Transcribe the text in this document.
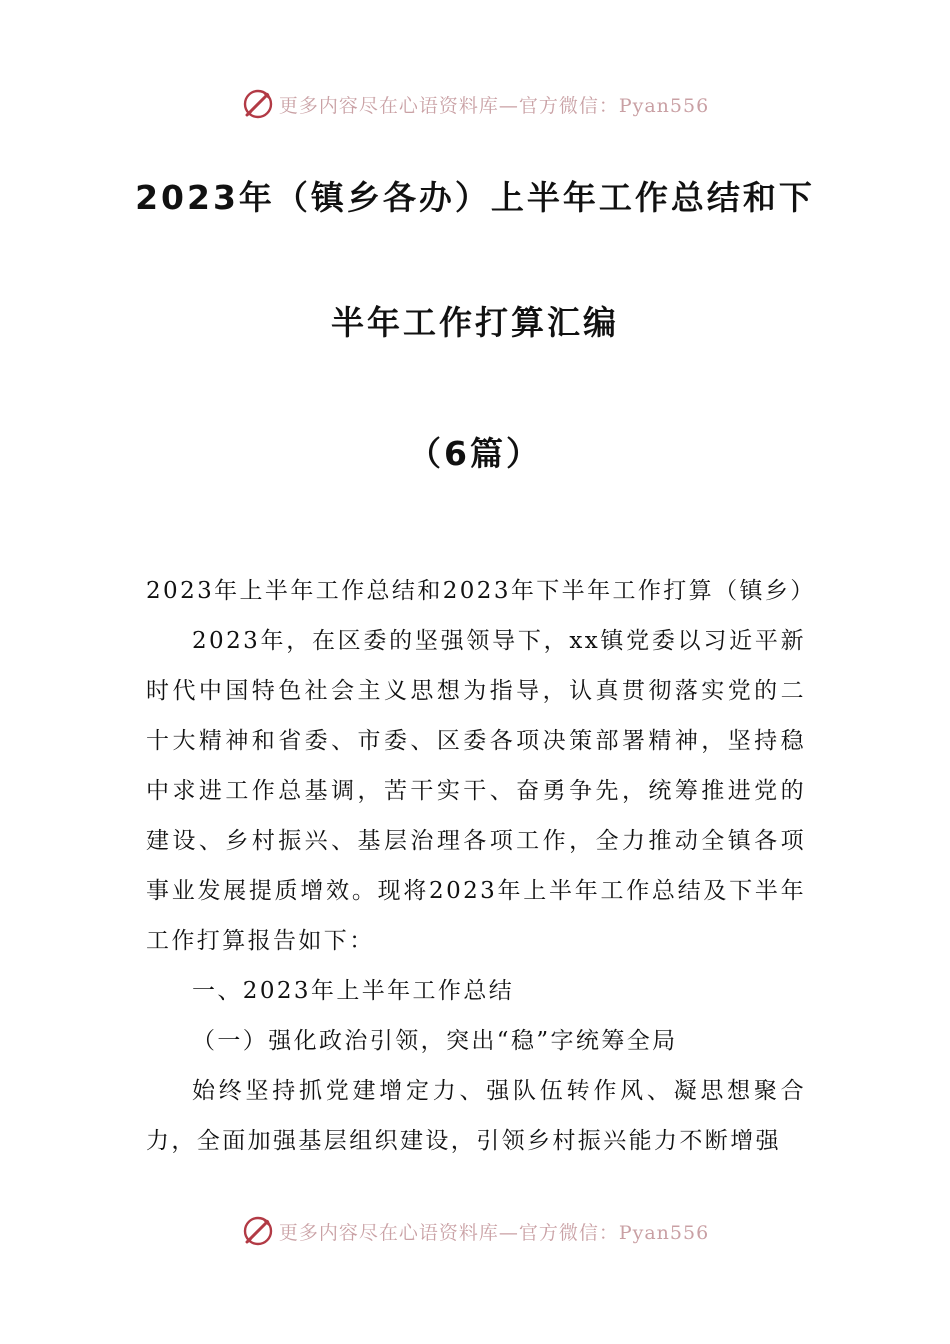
更多内容尽在心语资料库—官方微信：Pyan556
2023年（镇乡各办）上半年工作总结和下
半年工作打算汇编
（6篇）

2023年上半年工作总结和2023年下半年工作打算（镇乡）

2023年，在区委的坚强领导下，xx镇党委以习近平新时代中国特色社会主义思想为指导，认真贯彻落实党的二十大精神和省委、市委、区委各项决策部署精神，坚持稳中求进工作总基调，苦干实干、奋勇争先，统筹推进党的建设、乡村振兴、基层治理各项工作，全力推动全镇各项事业发展提质增效。现将2023年上半年工作总结及下半年工作打算报告如下：

一、2023年上半年工作总结

（一）强化政治引领，突出“稳”字统筹全局

始终坚持抓党建增定力、强队伍转作风、凝思想聚合力，全面加强基层组织建设，引领乡村振兴能力不断增强

更多内容尽在心语资料库—官方微信：Pyan556
